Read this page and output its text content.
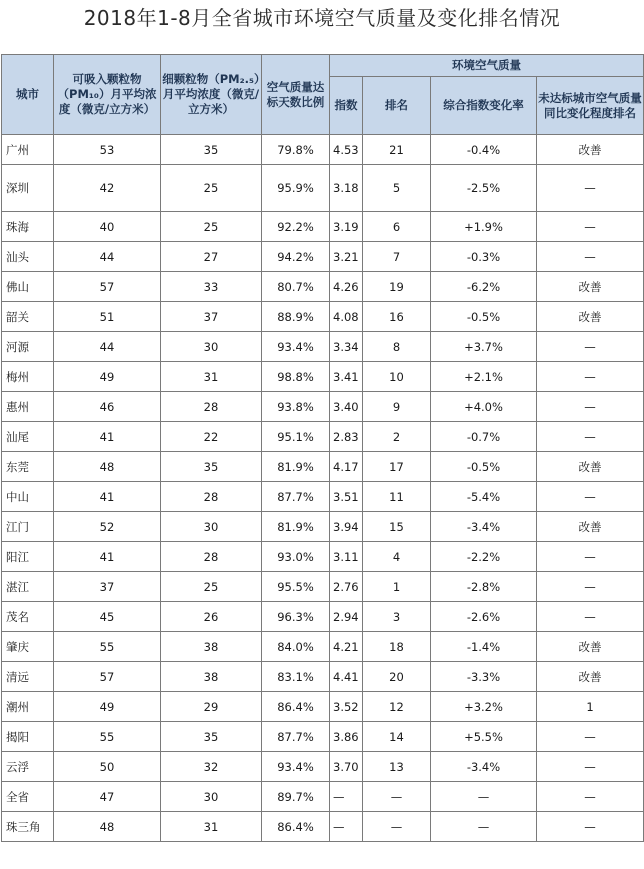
2018年1-8月全省城市环境空气质量及变化排名情况
城市	可吸入颗粒物（PM₁₀）月平均浓度（微克/立方米）	细颗粒物（PM₂.₅）月平均浓度（微克/立方米）	空气质量达标天数比例	环境空气质量			
				指数	排名	综合指数变化率	未达标城市空气质量同比变化程度排名
广州	53	35	79.8%	4.53	21	-0.4%	改善
深圳	42	25	95.9%	3.18	5	-2.5%	—
珠海	40	25	92.2%	3.19	6	+1.9%	—
汕头	44	27	94.2%	3.21	7	-0.3%	—
佛山	57	33	80.7%	4.26	19	-6.2%	改善
韶关	51	37	88.9%	4.08	16	-0.5%	改善
河源	44	30	93.4%	3.34	8	+3.7%	—
梅州	49	31	98.8%	3.41	10	+2.1%	—
惠州	46	28	93.8%	3.40	9	+4.0%	—
汕尾	41	22	95.1%	2.83	2	-0.7%	—
东莞	48	35	81.9%	4.17	17	-0.5%	改善
中山	41	28	87.7%	3.51	11	-5.4%	—
江门	52	30	81.9%	3.94	15	-3.4%	改善
阳江	41	28	93.0%	3.11	4	-2.2%	—
湛江	37	25	95.5%	2.76	1	-2.8%	—
茂名	45	26	96.3%	2.94	3	-2.6%	—
肇庆	55	38	84.0%	4.21	18	-1.4%	改善
清远	57	38	83.1%	4.41	20	-3.3%	改善
潮州	49	29	86.4%	3.52	12	+3.2%	1
揭阳	55	35	87.7%	3.86	14	+5.5%	—
云浮	50	32	93.4%	3.70	13	-3.4%	—
全省	47	30	89.7%	—	—	—	—
珠三角	48	31	86.4%	—	—	—	—
